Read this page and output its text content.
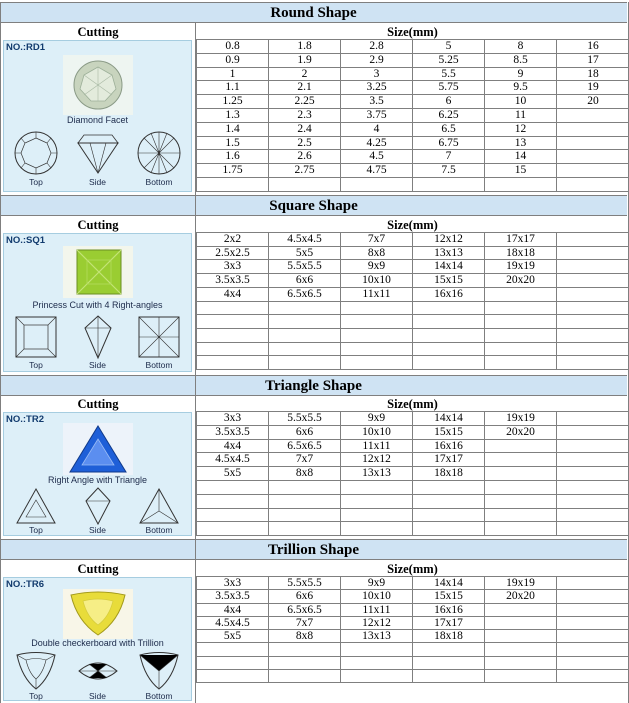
Round Shape
Cutting	Size(mm)
NO.:RD1
Diamond Facet
Top	Side	Bottom
0.8	1.8	2.8	5	8	16
0.9	1.9	2.9	5.25	8.5	17
1	2	3	5.5	9	18
1.1	2.1	3.25	5.75	9.5	19
1.25	2.25	3.5	6	10	20
1.3	2.3	3.75	6.25	11	
1.4	2.4	4	6.5	12	
1.5	2.5	4.25	6.75	13	
1.6	2.6	4.5	7	14	
1.75	2.75	4.75	7.5	15	

Square Shape
Cutting	Size(mm)
NO.:SQ1
Princess Cut with 4 Right-angles
Top	Side	Bottom
2x2	4.5x4.5	7x7	12x12	17x17	
2.5x2.5	5x5	8x8	13x13	18x18	
3x3	5.5x5.5	9x9	14x14	19x19	
3.5x3.5	6x6	10x10	15x15	20x20	
4x4	6.5x6.5	11x11	16x16		

Triangle Shape
Cutting	Size(mm)
NO.:TR2
Right Angle with Triangle
Top	Side	Bottom
3x3	5.5x5.5	9x9	14x14	19x19	
3.5x3.5	6x6	10x10	15x15	20x20	
4x4	6.5x6.5	11x11	16x16		
4.5x4.5	7x7	12x12	17x17		
5x5	8x8	13x13	18x18		

Trillion Shape
Cutting	Size(mm)
NO.:TR6
Double checkerboard with Trillion
Top	Side	Bottom
3x3	5.5x5.5	9x9	14x14	19x19	
3.5x3.5	6x6	10x10	15x15	20x20	
4x4	6.5x6.5	11x11	16x16		
4.5x4.5	7x7	12x12	17x17		
5x5	8x8	13x13	18x18		
